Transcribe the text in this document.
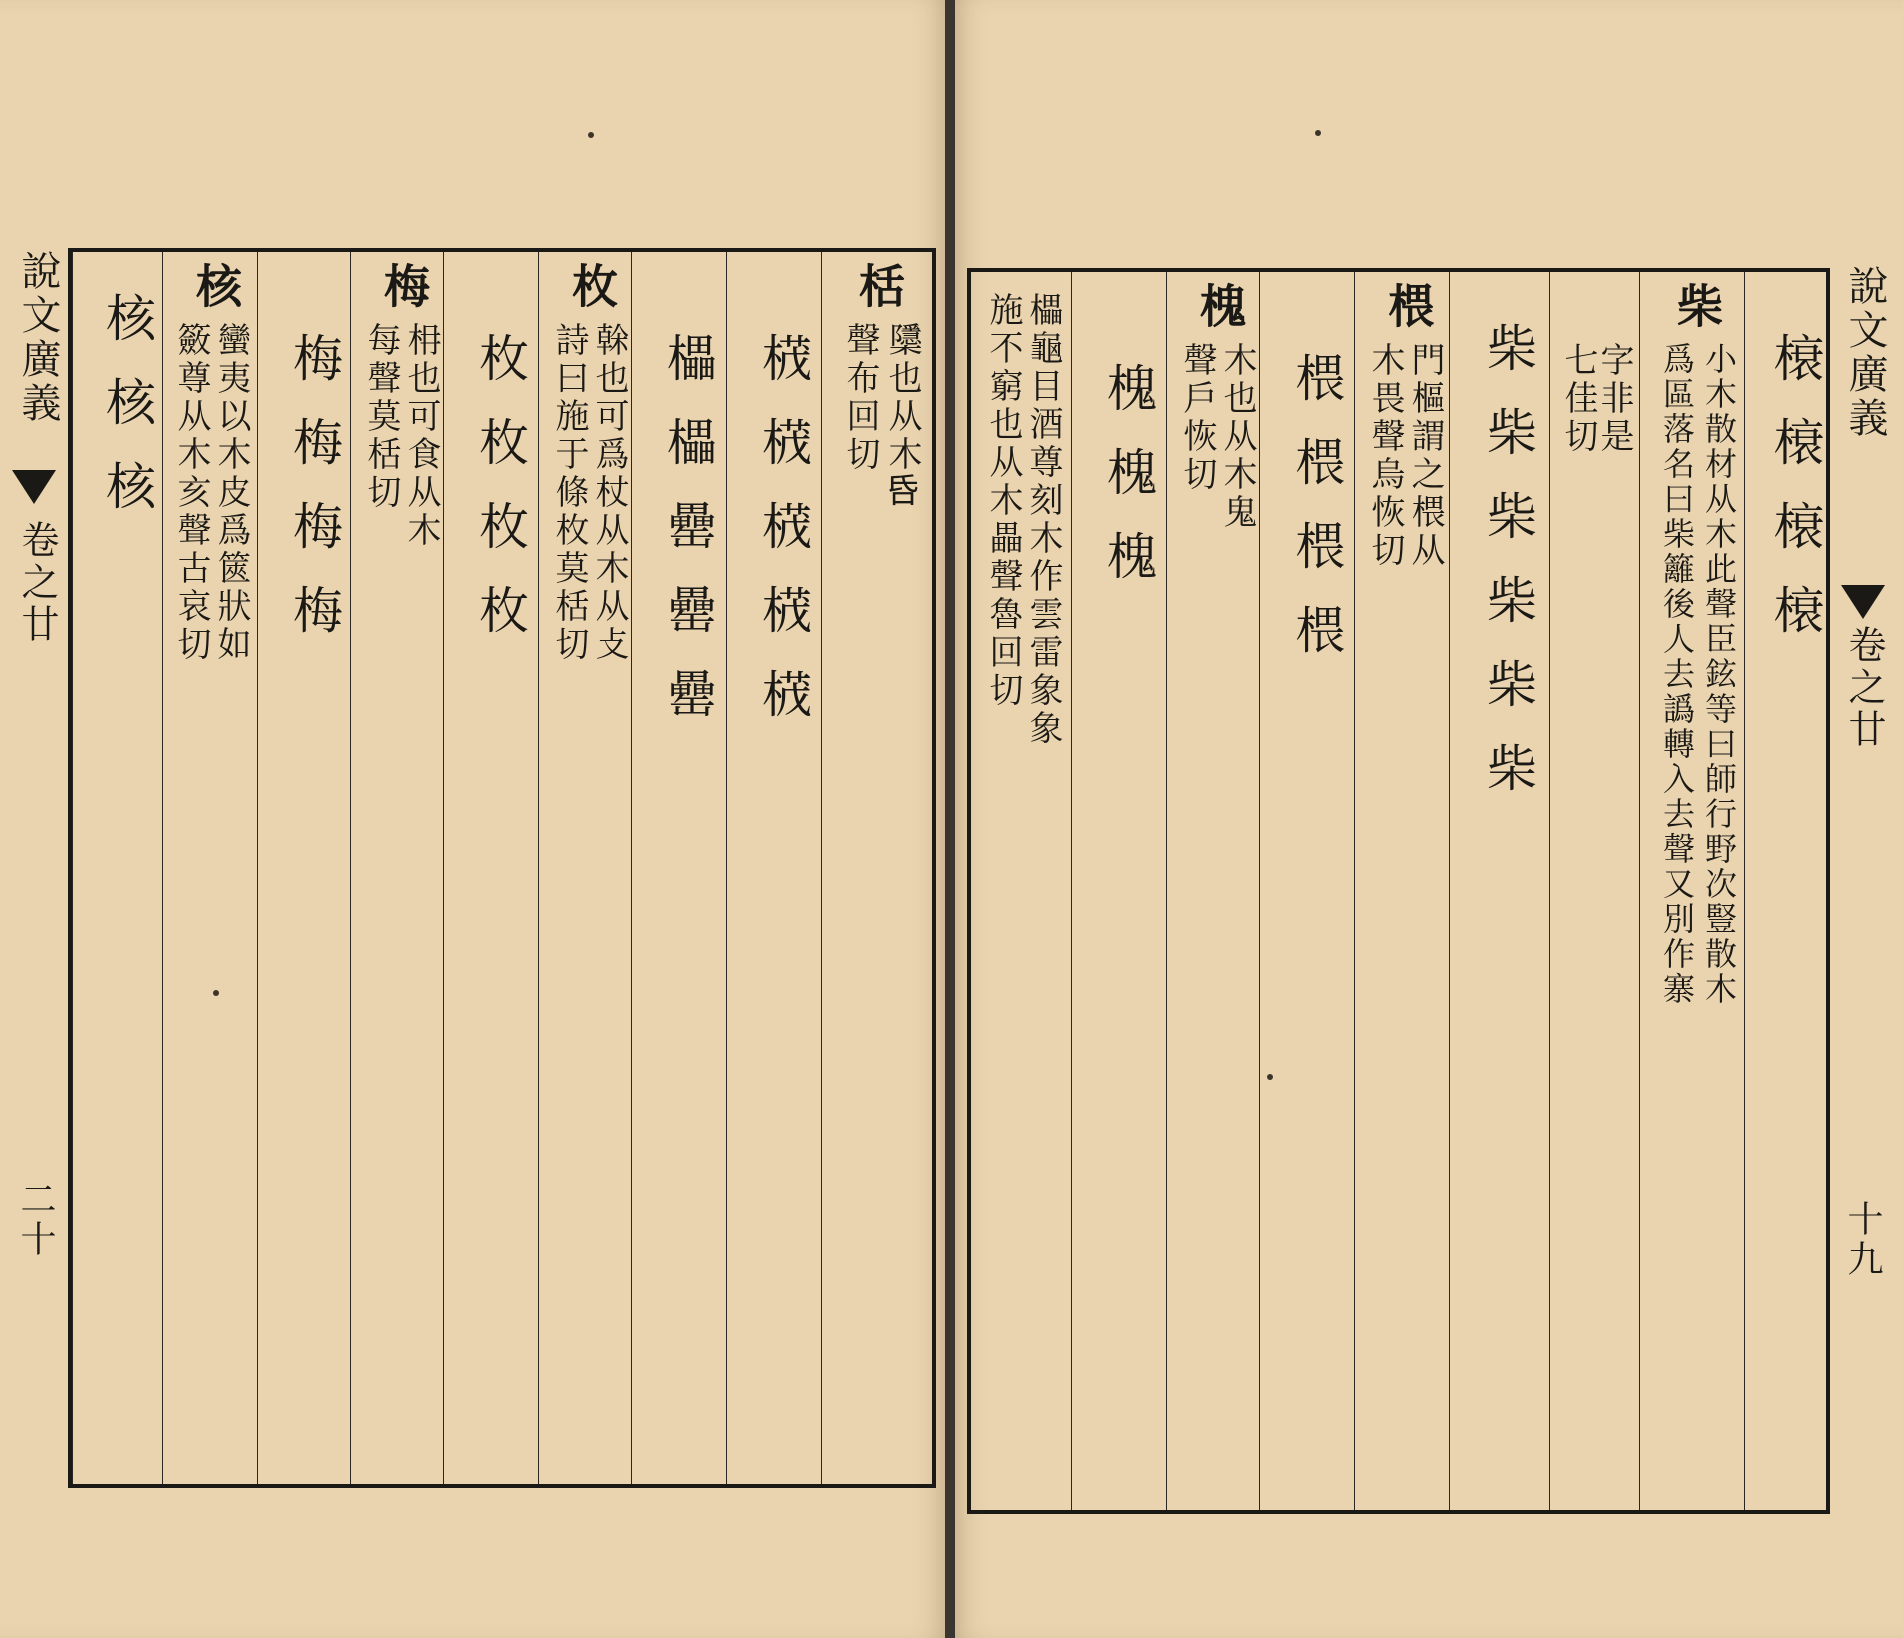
說文廣義
卷之廿
二十
核核核
核
蠻夷以木皮爲篋狀如
籢尊从木亥聲古哀切 梅梅梅梅
梅
枏也可食从木
每聲莫栝切 枚枚枚枚
枚
榦也可爲杖从木从攴
詩曰施于條枚莫栝切 櫑櫑罍罍罍 𣕚𣕚𣕚𣕚𣕚
栝
櫽也从木𠯑
聲布回切	說文廣義
卷之廿
十九
櫑龜目酒尊刻木作雲雷象象
施不窮也从木畾聲魯回切 槐槐槐
槐
木也从木鬼
聲戶恢切 椳椳椳椳
椳
門樞謂之椳从
木畏聲烏恢切 柴柴柴柴柴柴 字非是
七佳切
柴
小木散材从木此聲臣鉉等曰師行野次豎散木
爲區落名曰柴籬後人去譌轉入去聲又別作寨 榱榱榱榱
